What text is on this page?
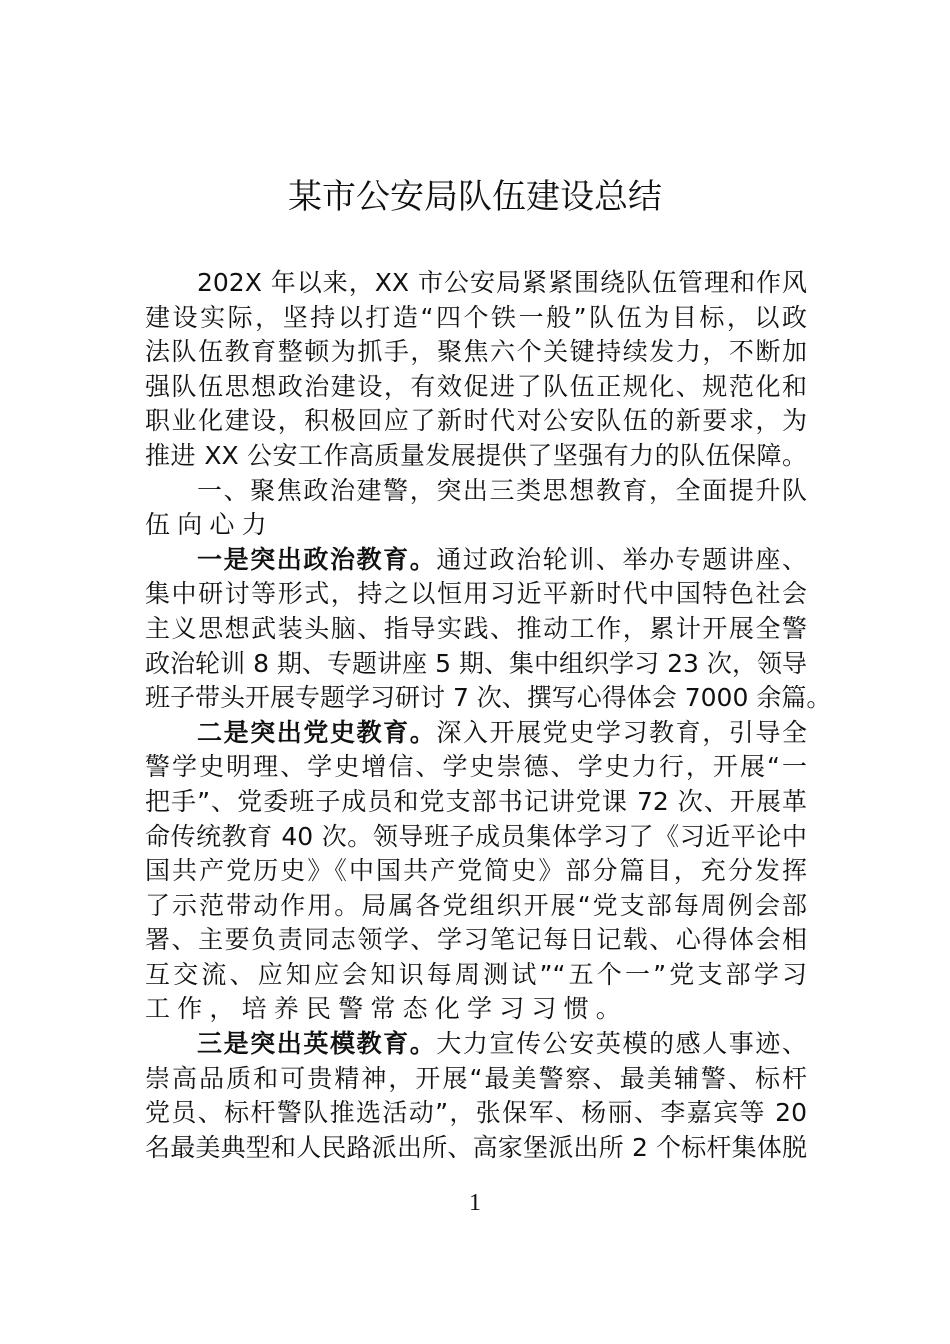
某市公安局队伍建设总结
202X 年以来，XX 市公安局紧紧围绕队伍管理和作风
建设实际，坚持以打造“四个铁一般”队伍为目标，以政
法队伍教育整顿为抓手，聚焦六个关键持续发力，不断加
强队伍思想政治建设，有效促进了队伍正规化、规范化和
职业化建设，积极回应了新时代对公安队伍的新要求，为
推进 XX 公安工作高质量发展提供了坚强有力的队伍保障。
一、聚焦政治建警，突出三类思想教育，全面提升队
伍向心力
一是突出政治教育。通过政治轮训、举办专题讲座、
集中研讨等形式，持之以恒用习近平新时代中国特色社会
主义思想武装头脑、指导实践、推动工作，累计开展全警
政治轮训 8 期、专题讲座 5 期、集中组织学习 23 次，领导
班子带头开展专题学习研讨 7 次、撰写心得体会 7000 余篇。
二是突出党史教育。深入开展党史学习教育，引导全
警学史明理、学史增信、学史崇德、学史力行，开展“一
把手”、党委班子成员和党支部书记讲党课 72 次、开展革
命传统教育 40 次。领导班子成员集体学习了《习近平论中
国共产党历史》《中国共产党简史》部分篇目，充分发挥
了示范带动作用。局属各党组织开展“党支部每周例会部
署、主要负责同志领学、学习笔记每日记载、心得体会相
互交流、应知应会知识每周测试”“五个一”党支部学习
工作，培养民警常态化学习习惯。
三是突出英模教育。大力宣传公安英模的感人事迹、
崇高品质和可贵精神，开展“最美警察、最美辅警、标杆
党员、标杆警队推选活动”，张保军、杨丽、李嘉宾等 20
名最美典型和人民路派出所、高家堡派出所 2 个标杆集体脱
1
